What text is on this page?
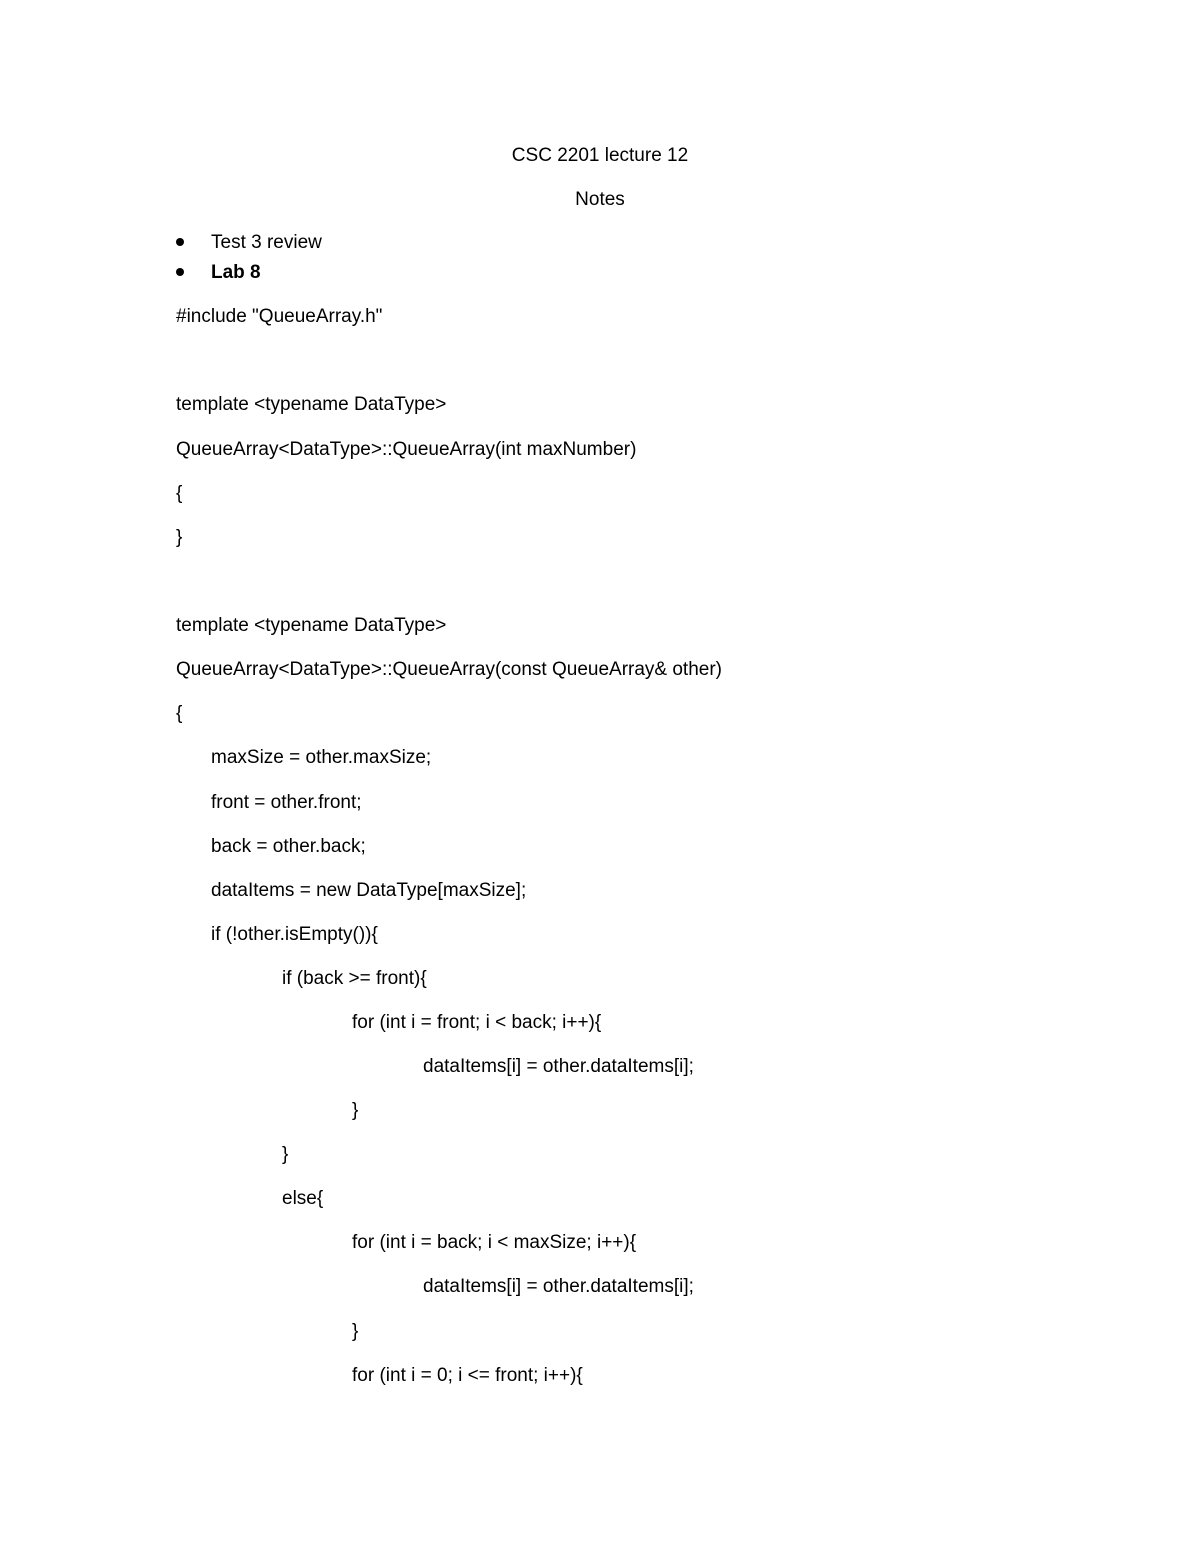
CSC 2201 lecture 12
Notes
Test 3 review
Lab 8
#include "QueueArray.h"
template <typename DataType>
QueueArray<DataType>::QueueArray(int maxNumber)
{
}
template <typename DataType>
QueueArray<DataType>::QueueArray(const QueueArray& other)
{
maxSize = other.maxSize;
front = other.front;
back = other.back;
dataItems = new DataType[maxSize];
if (!other.isEmpty()){
if (back >= front){
for (int i = front; i < back; i++){
dataItems[i] = other.dataItems[i];
}
}
else{
for (int i = back; i < maxSize; i++){
dataItems[i] = other.dataItems[i];
}
for (int i = 0; i <= front; i++){
